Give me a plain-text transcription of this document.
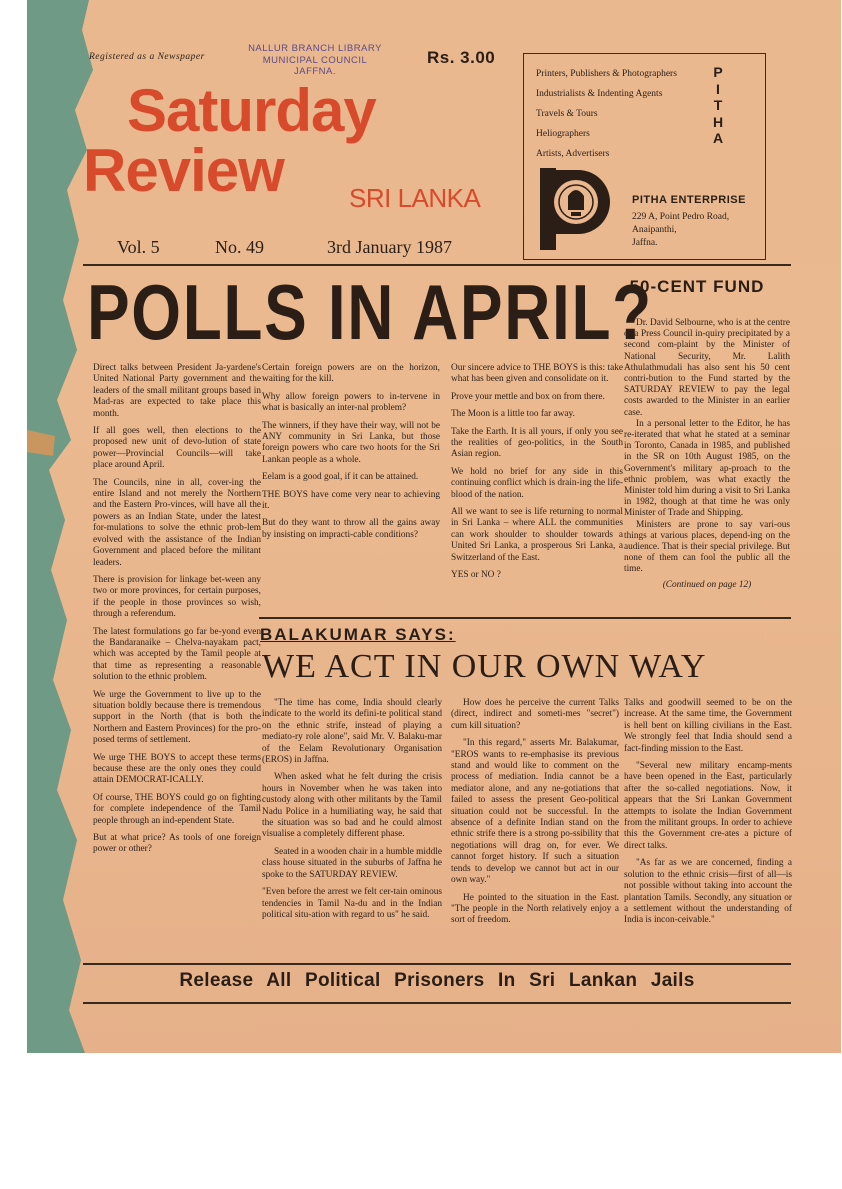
Registered as a Newspaper
NALLUR BRANCH LIBRARY
MUNICIPAL COUNCIL
JAFFNA.
Rs. 3.00
Saturday
Review	SRI LANKA
Vol. 5	No. 49	3rd January 1987
Printers, Publishers & Photographers
Industrialists & Indenting Agents
Travels & Tours
Heliographers
Artists, Advertisers
P
I
T
H
A
PITHA ENTERPRISE
229 A, Point Pedro Road,
Anaipanthi,
Jaffna.
POLLS IN APRIL?
50-CENT FUND

Direct talks between President Ja-yardene's United National Party government and the leaders of the small militant groups based in Mad-ras are expected to take place this month.

If all goes well, then elections to the proposed new unit of devo-lution of state power—Provincial Councils—will take place around April.

The Councils, nine in all, cover-ing the entire Island and not merely the Northern and the Eastern Pro-vinces, will have all the powers as an Indian State, under the latest for-mulations to solve the ethnic prob-lem evolved with the assistance of the Indian Government and placed before the militant leaders.

There is provision for linkage bet-ween any two or more provinces, for certain purposes, if the people in those provinces so wish, through a referendum.

The latest formulations go far be-yond even the Bandaranaike – Chelva-nayakam pact, which was accepted by the Tamil people at that time as representing a reasonable solution to the ethnic problem.

We urge the Government to live up to the situation boldly because there is tremendous support in the North (that is both the Northern and Eastern Provinces) for the pro-posed terms of settlement.

We urge THE BOYS to accept these terms because these are the only ones they could attain DEMOCRAT-ICALLY.

Of course, THE BOYS could go on fighting for complete independence of the Tamil people through an ind-ependent State.

But at what price? As tools of one foreign power or other?

Certain foreign powers are on the horizon, waiting for the kill.

Why allow foreign powers to in-tervene in what is basically an inter-nal problem?

The winners, if they have their way, will not be ANY community in Sri Lanka, but those foreign powers who care two hoots for the Sri Lankan people as a whole.

Eelam is a good goal, if it can be attained.

THE BOYS have come very near to achieving it.

But do they want to throw all the gains away by insisting on impracti-cable conditions?

Our sincere advice to THE BOYS is this: take what has been given and consolidate on it.

Prove your mettle and box on from there.

The Moon is a little too far away.

Take the Earth. It is all yours, if only you see the realities of geo-politics, in the South Asian region.

We hold no brief for any side in this continuing conflict which is drain-ing the life-blood of the nation.

All we want to see is life returning to normal in Sri Lanka – where ALL the communities can work shoulder to shoulder towards a United Sri Lanka, a prosperous Sri Lanka, a Switzerland of the East.

YES or NO ?

Dr. David Selbourne, who is at the centre of a Press Council in-quiry precipitated by a second com-plaint by the Minister of National Security, Mr. Lalith Athulathmudali has also sent his 50 cent contri-bution to the Fund started by the SATURDAY REVIEW to pay the legal costs awarded to the Minister in an earlier case.

In a personal letter to the Editor, he has re-iterated that what he stated at a seminar in Toronto, Canada in 1985, and published in the SR on 10th August 1985, on the Government's military ap-proach to the ethnic problem, was what exactly the Minister told him during a visit to Sri Lanka in 1982, though at that time he was only Minister of Trade and Shipping.

Ministers are prone to say vari-ous things at various places, depend-ing on the audience. That is their special privilege. But none of them can fool the public all the time.

(Continued on page 12)

BALAKUMAR SAYS:
WE ACT IN OUR OWN WAY

"The time has come, India should clearly indicate to the world its defini-te political stand on the ethnic strife, instead of playing a mediato-ry role alone", said Mr. V. Balaku-mar of the Eelam Revolutionary Organisation (EROS) in Jaffna.

When asked what he felt during the crisis hours in November when he was taken into custody along with other militants by the Tamil Nadu Police in a humiliating way, he said that the situation was so bad and he could almost visualise a completely different phase.

Seated in a wooden chair in a humble middle class house situated in the suburbs of Jaffna he spoke to the SATURDAY REVIEW.

"Even before the arrest we felt cer-tain ominous tendencies in Tamil Na-du and in the Indian political situ-ation with regard to us" he said.

How does he perceive the current Talks (direct, indirect and someti-mes "secret") cum kill situation?

"In this regard," asserts Mr. Balakumar, "EROS wants to re-emphasise its previous stand and would like to comment on the process of mediation. India cannot be a mediator alone, and any ne-gotiations that failed to assess the present Geo-political situation could not be successful. In the absence of a definite Indian stand on the ethnic strife there is a strong po-ssibility that negotiations will drag on, for ever. We cannot forget history. If such a situation tends to develop we cannot but act in our own way."

He pointed to the situation in the East. "The people in the North relatively enjoy a sort of freedom.

Talks and goodwill seemed to be on the increase. At the same time, the Government is hell bent on killing civilians in the East. We strongly feel that India should send a fact-finding mission to the East.

"Several new military encamp-ments have been opened in the East, particularly after the so-called negotiations. Now, it appears that the Sri Lankan Government attempts to isolate the Indian Government from the militant groups. In order to achieve this the Government cre-ates a picture of direct talks.

"As far as we are concerned, finding a solution to the ethnic crisis—first of all—is not possible without taking into account the plantation Tamils. Secondly, any situation or a settlement without the understanding of India is incon-ceivable."

Release All Political Prisoners In Sri Lankan Jails
